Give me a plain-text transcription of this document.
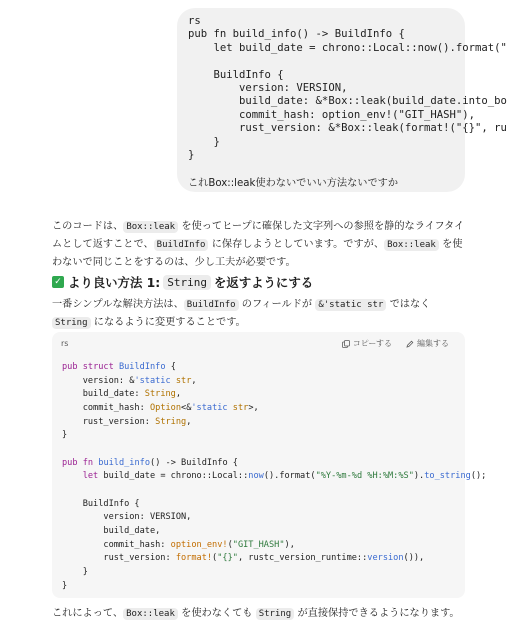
rs
pub fn build_info() -> BuildInfo {
let build_date = chrono::Local::now().format("

BuildInfo {
version: VERSION,
build_date: &*Box::leak(build_date.into_bo
commit_hash: option_env!("GIT_HASH"),
rust_version: &*Box::leak(format!("{}", ru
}
}
これBox::leak使わないでいい方法ないですか

このコードは、 Box::leak を使ってヒープに確保した文字列への参照を静的なライフタイムとして返すことで、 BuildInfo に保存しようとしています。ですが、 Box::leak を使わないで同じことをするのは、少し工夫が必要です。

✓ より良い方法 1: String を返すようにする

一番シンプルな解決方法は、 BuildInfo のフィールドが &'static str ではなく String になるように変更することです。

rs	コピーする	編集する
pub struct BuildInfo {
version: &'static str,
build_date: String,
commit_hash: Option<&'static str>,
rust_version: String,
}

pub fn build_info() -> BuildInfo {
let build_date = chrono::Local::now().format("%Y-%m-%d %H:%M:%S").to_string();

BuildInfo {
version: VERSION,
build_date,
commit_hash: option_env!("GIT_HASH"),
rust_version: format!("{}", rustc_version_runtime::version()),
}
}
これによって、 Box::leak を使わなくても String が直接保持できるようになります。
